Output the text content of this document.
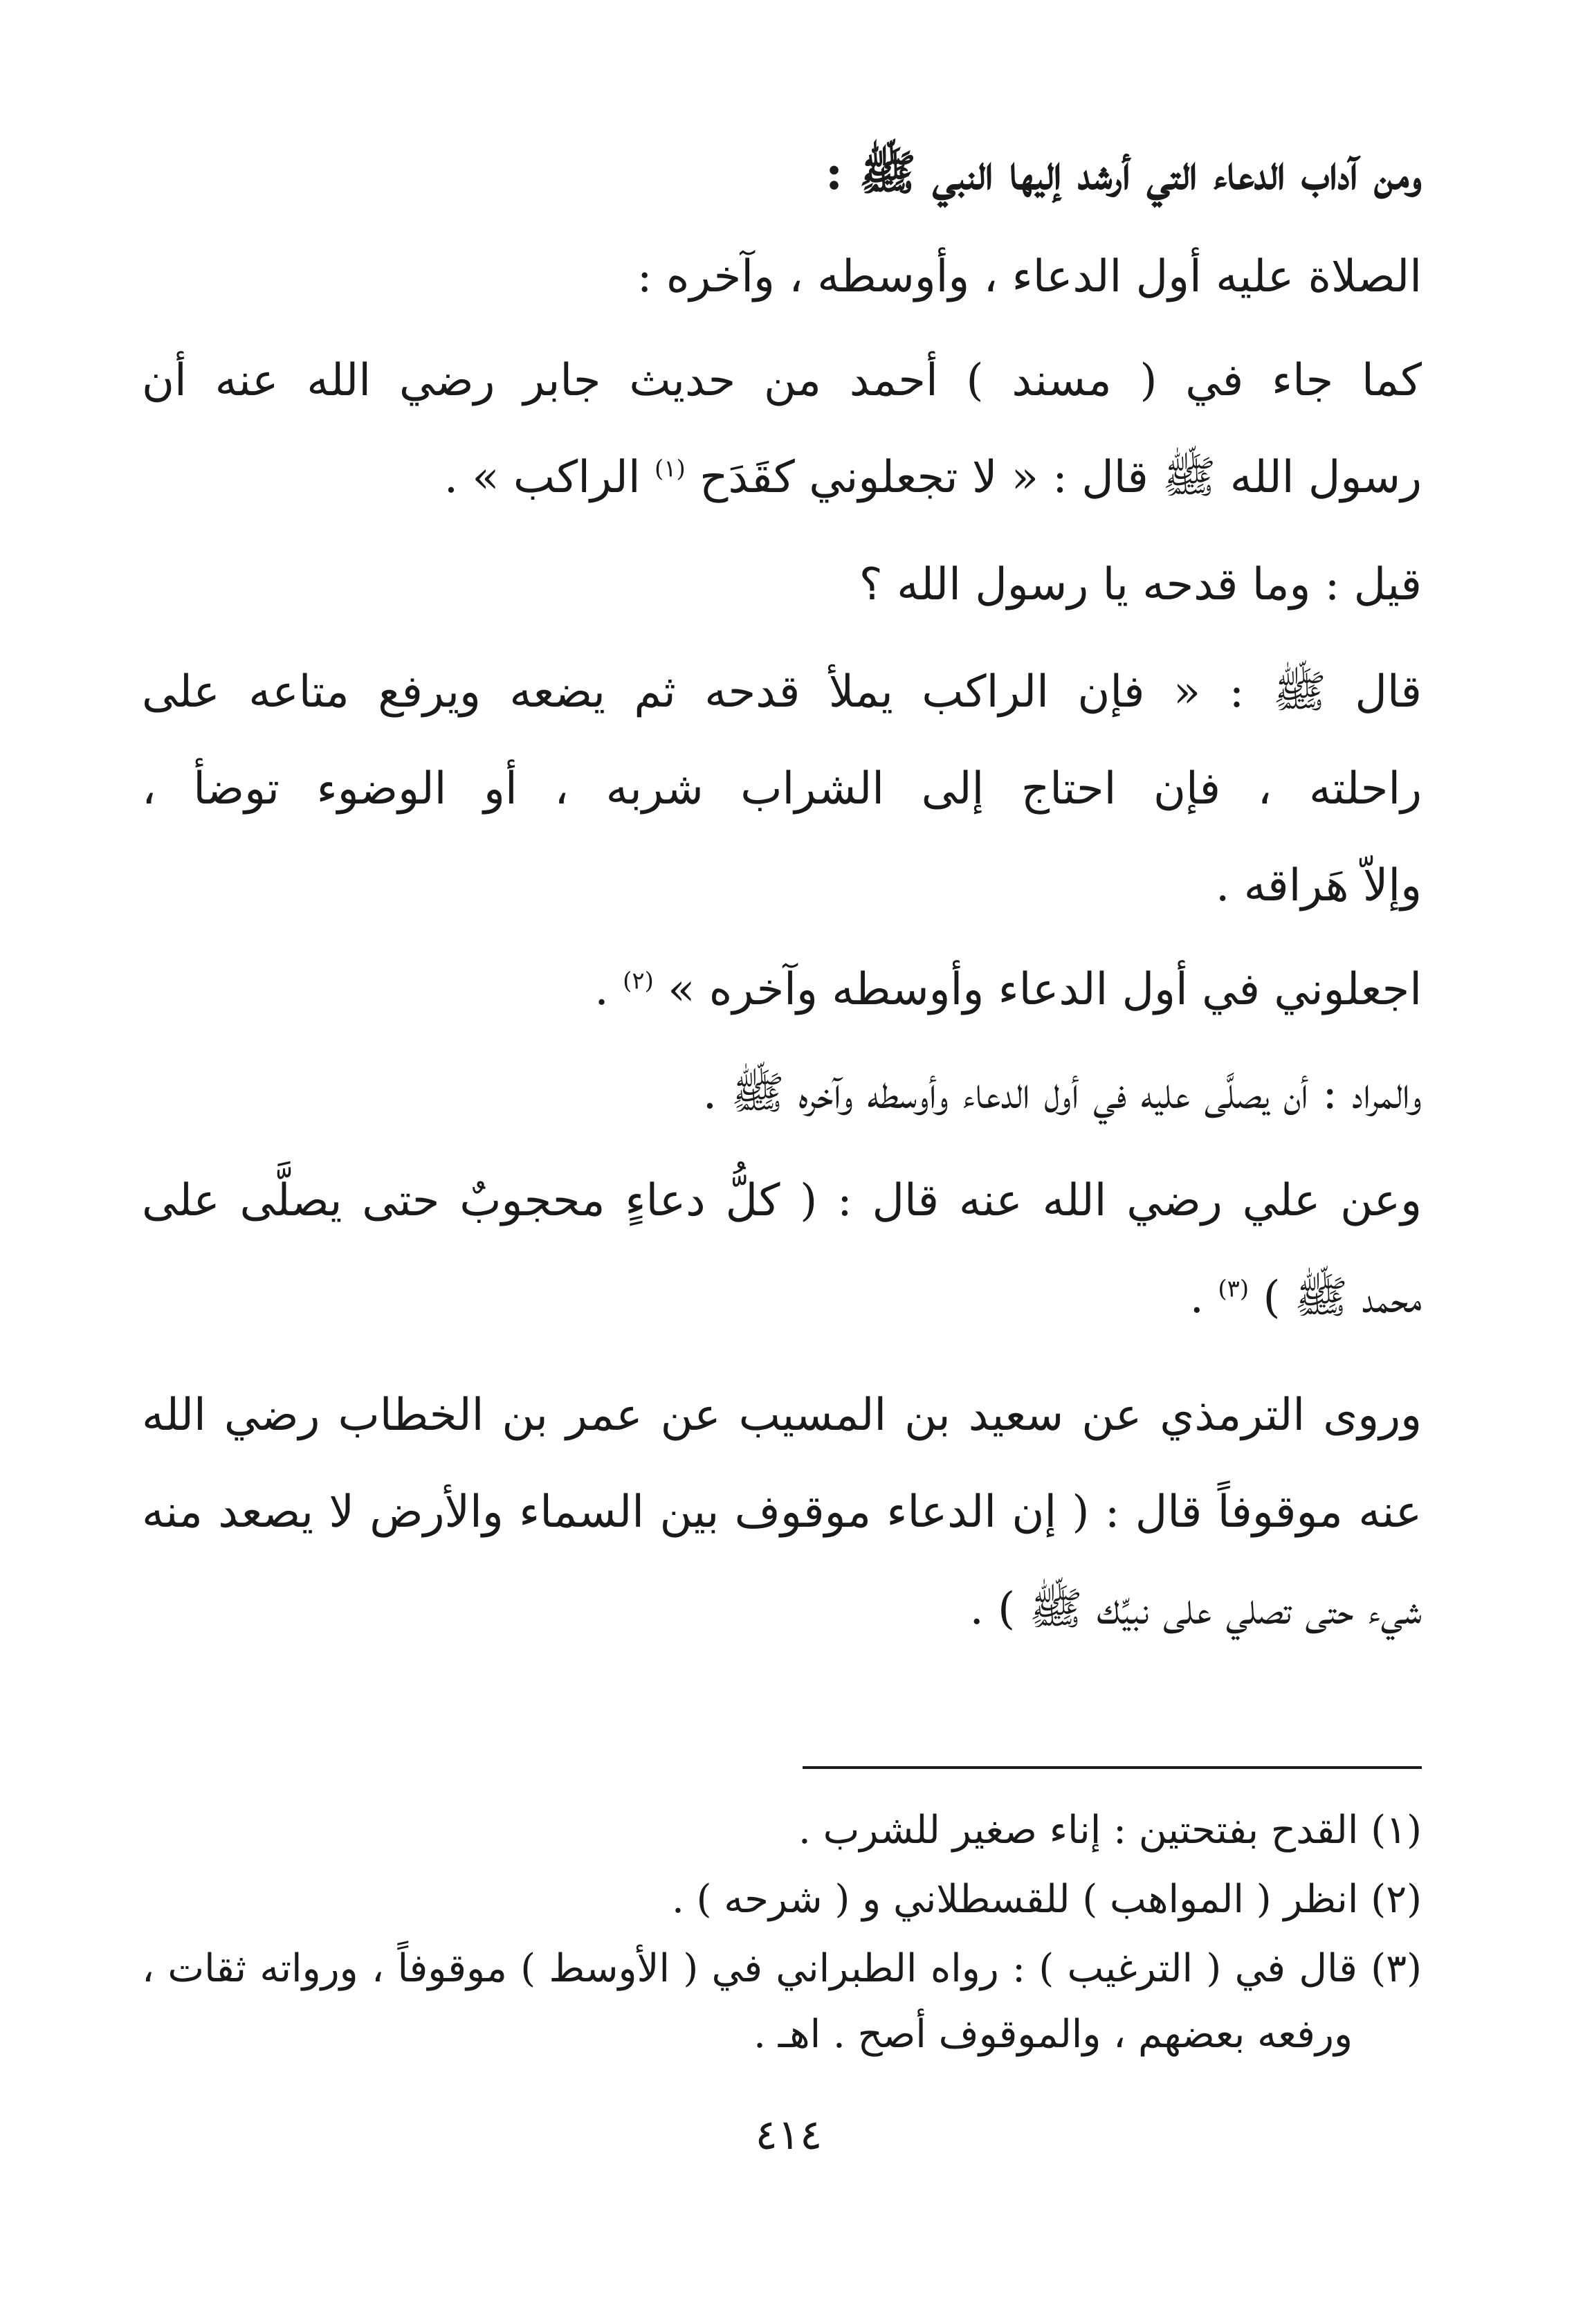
ومن آداب الدعاء التي أرشد إليها النبي ﷺ :
الصلاة عليه أول الدعاء ، وأوسطه ، وآخره :
كما جاء في ( مسند ) أحمد من حديث جابر رضي الله عنه أن
رسول الله ﷺ قال : « لا تجعلوني كقَدَح $^{(١)}$ الراكب » .
قيل : وما قدحه يا رسول الله ؟
قال ﷺ : « فإن الراكب يملأ قدحه ثم يضعه ويرفع متاعه على
راحلته ، فإن احتاج إلى الشراب شربه ، أو الوضوء توضأ ،
وإلاّ هَراقه .
اجعلوني في أول الدعاء وأوسطه وآخره » $^{(٢)}$ .
والمراد : أن يصلَّى عليه في أول الدعاء وأوسطه وآخره ﷺ .
وعن علي رضي الله عنه قال : ( كلُّ دعاءٍ محجوبٌ حتى يصلَّى على
محمد ﷺ ) $^{(٣)}$ .
وروى الترمذي عن سعيد بن المسيب عن عمر بن الخطاب رضي الله
عنه موقوفاً قال : ( إن الدعاء موقوف بين السماء والأرض لا يصعد منه
شيء حتى تصلي على نبيِّك ﷺ ) .
(١) القدح بفتحتين : إناء صغير للشرب .
(٢) انظر ( المواهب ) للقسطلاني و ( شرحه ) .
(٣) قال في ( الترغيب ) : رواه الطبراني في ( الأوسط ) موقوفاً ، ورواته ثقات ،
ورفعه بعضهم ، والموقوف أصح . اهـ .
٤١٤
